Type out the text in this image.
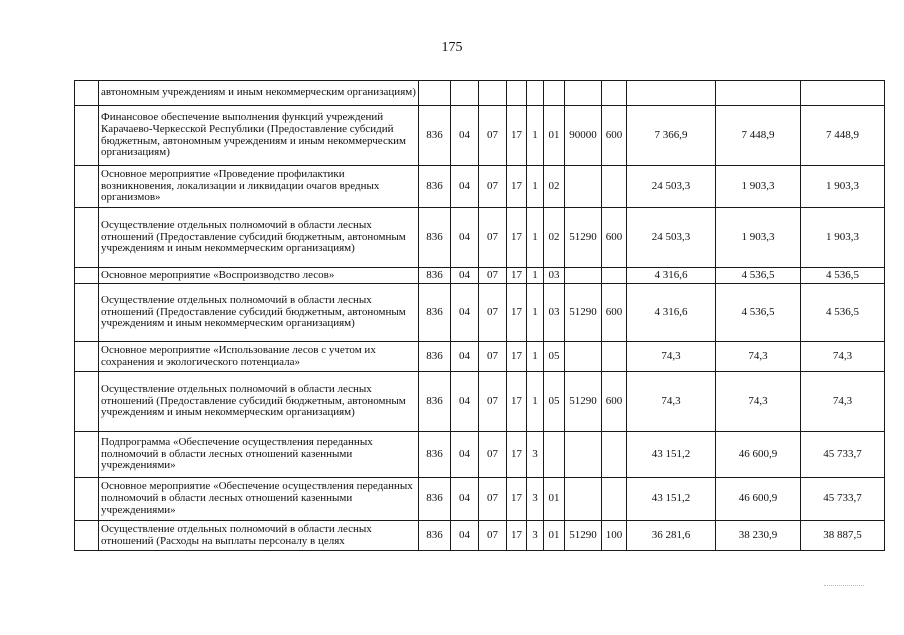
175
	автономным учреждениям и иным некоммерческим организациям)											
	Финансовое обеспечение выполнения функций учреждений Карачаево-Черкесской Республики (Предоставление субсидий бюджетным, автономным учреждениям и иным некоммерческим организациям)	836	04	07	17	1	01	90000	600	7 366,9	7 448,9	7 448,9
	Основное мероприятие «Проведение профилактики возникновения, локализации и ликвидации очагов вредных организмов»	836	04	07	17	1	02			24 503,3	1 903,3	1 903,3
	Осуществление отдельных полномочий в области лесных отношений (Предоставление субсидий бюджетным, автономным учреждениям и иным некоммерческим организациям)	836	04	07	17	1	02	51290	600	24 503,3	1 903,3	1 903,3
	Основное мероприятие «Воспроизводство лесов»	836	04	07	17	1	03			4 316,6	4 536,5	4 536,5
	Осуществление отдельных полномочий в области лесных отношений (Предоставление субсидий бюджетным, автономным учреждениям и иным некоммерческим организациям)	836	04	07	17	1	03	51290	600	4 316,6	4 536,5	4 536,5
	Основное мероприятие «Использование лесов с учетом их сохранения и экологического потенциала»	836	04	07	17	1	05			74,3	74,3	74,3
	Осуществление отдельных полномочий в области лесных отношений (Предоставление субсидий бюджетным, автономным учреждениям и иным некоммерческим организациям)	836	04	07	17	1	05	51290	600	74,3	74,3	74,3
	Подпрограмма «Обеспечение осуществления переданных полномочий в области лесных отношений казенными учреждениями»	836	04	07	17	3				43 151,2	46 600,9	45 733,7
	Основное мероприятие «Обеспечение осуществления переданных полномочий в области лесных отношений казенными учреждениями»	836	04	07	17	3	01			43 151,2	46 600,9	45 733,7
	Осуществление отдельных полномочий в области лесных отношений (Расходы на выплаты персоналу в целях	836	04	07	17	3	01	51290	100	36 281,6	38 230,9	38 887,5
